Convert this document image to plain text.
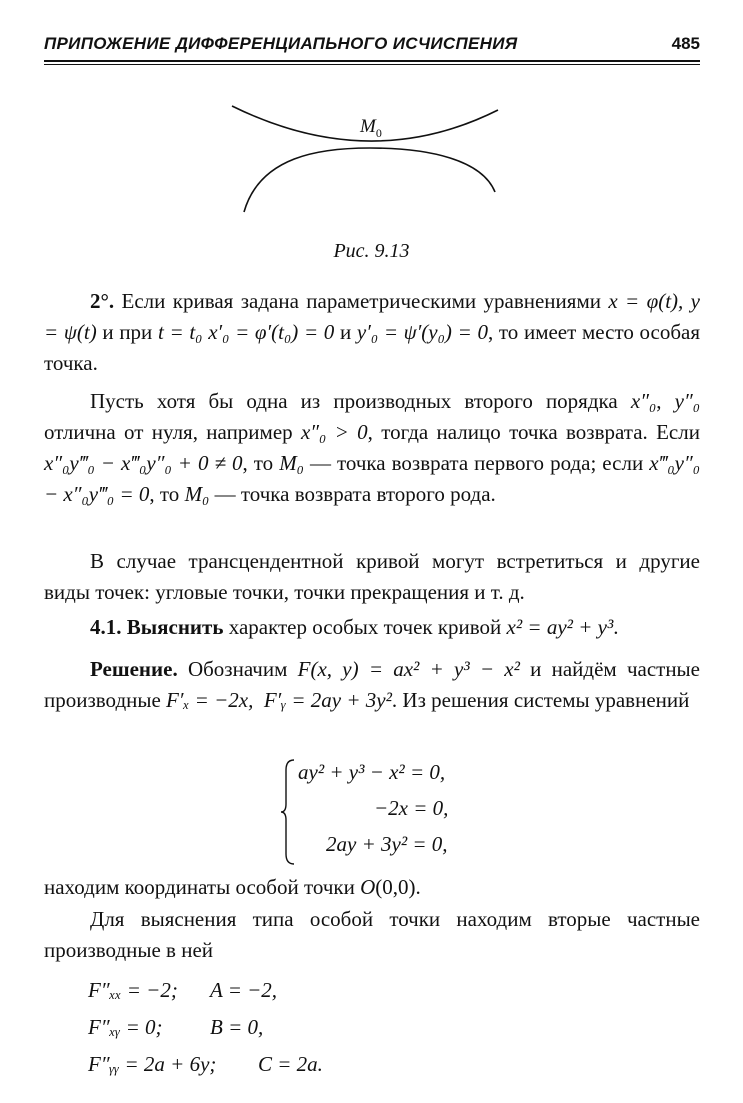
ПРИПОЖЕНИЕ ДИФФЕРЕНЦИАПЬНОГО ИСЧИСПЕНИЯ	485
$M_0$
Рис. 9.13
2°. Если кривая задана параметрическими уравнениями x = φ(t), y = ψ(t) и при t = t₀ x′₀ = φ′(t₀) = 0 и y′₀ = ψ′(y₀) = 0, то имеет место особая точка.
Пусть хотя бы одна из производных второго порядка x″₀, y″₀ отлична от нуля, например x″₀ > 0, тогда налицо точка возврата. Если x″₀y‴₀ − x‴₀y″₀ + 0 ≠ 0, то M₀ — точка возврата первого рода; если x‴₀y″₀ − x″₀y‴₀ = 0, то M₀ — точка возврата второго рода.
В случае трансцендентной кривой могут встретиться и другие виды точек: угловые точки, точки прекращения и т. д.
4.1. Выяснить характер особых точек кривой x² = ay² + y³.
Решение. Обозначим F(x, y) = ax² + y³ − x² и найдём частные производные F′ₓ = −2x, F′ᵧ = 2ay + 3y². Из решения системы уравнений
ay² + y³ − x² = 0,
−2x = 0,
2ay + 3y² = 0,
находим координаты особой точки O(0,0).
Для выяснения типа особой точки находим вторые частные производные в ней
F″ₓₓ = −2; A = −2,
F″ₓᵧ = 0; B = 0,
F″ᵧᵧ = 2a + 6y; C = 2a.
